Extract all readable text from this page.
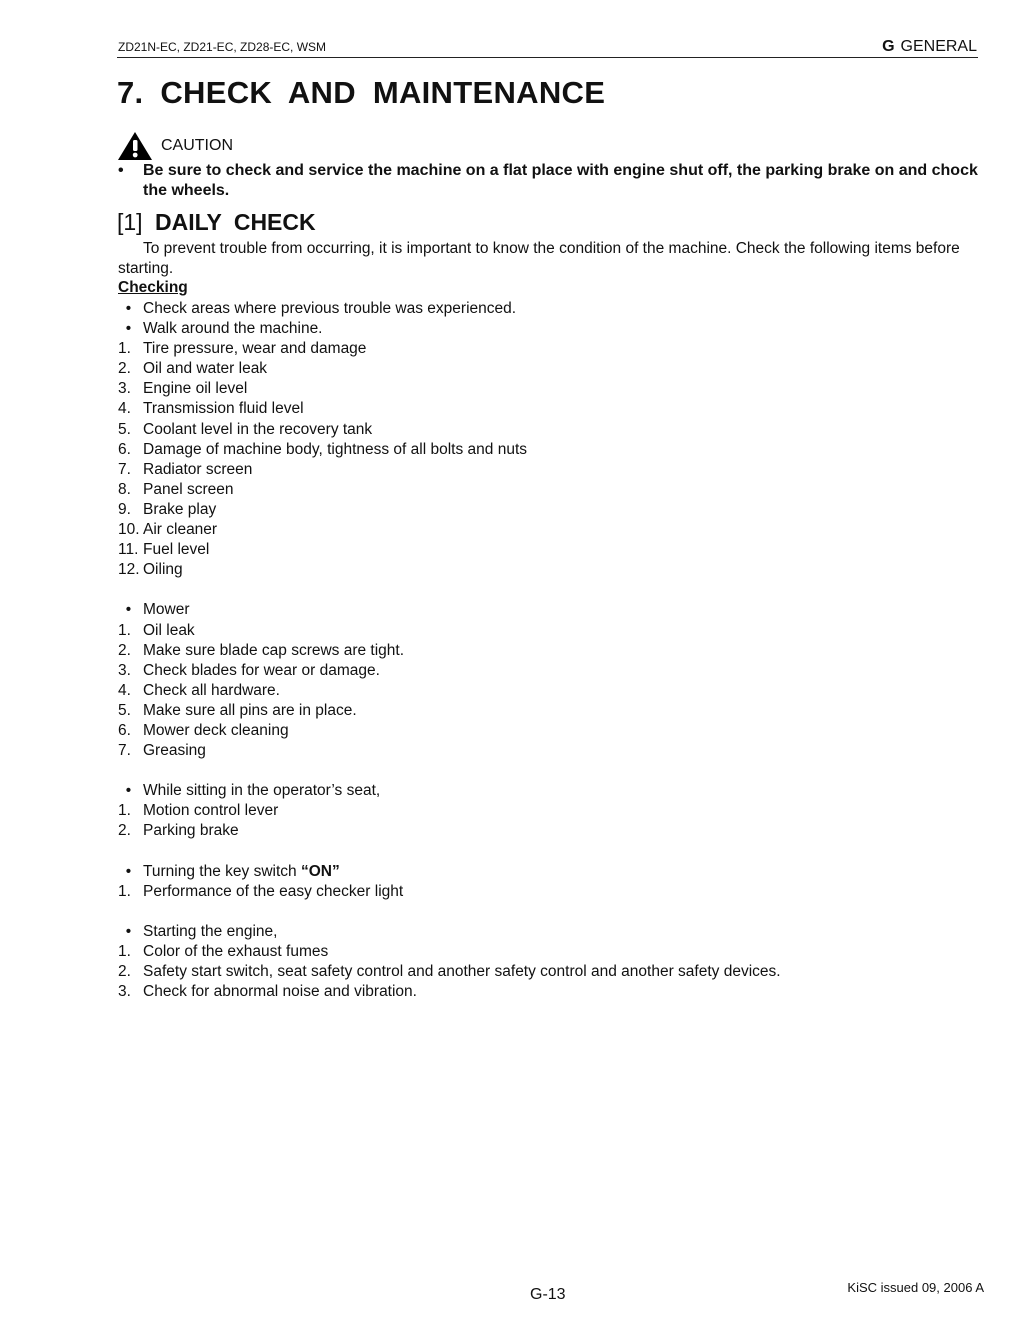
ZD21N-EC, ZD21-EC, ZD28-EC, WSM	G GENERAL
7. CHECK AND MAINTENANCE
CAUTION
•	Be sure to check and service the machine on a flat place with engine shut off, the parking brake on and chock the wheels.
[1] DAILY CHECK
To prevent trouble from occurring, it is important to know the condition of the machine. Check the following items before starting.
Checking
• Check areas where previous trouble was experienced.
• Walk around the machine.
1. Tire pressure, wear and damage
2. Oil and water leak
3. Engine oil level
4. Transmission fluid level
5. Coolant level in the recovery tank
6. Damage of machine body, tightness of all bolts and nuts
7. Radiator screen
8. Panel screen
9. Brake play
10. Air cleaner
11. Fuel level
12. Oiling
• Mower
1. Oil leak
2. Make sure blade cap screws are tight.
3. Check blades for wear or damage.
4. Check all hardware.
5. Make sure all pins are in place.
6. Mower deck cleaning
7. Greasing
• While sitting in the operator’s seat,
1. Motion control lever
2. Parking brake
• Turning the key switch “ON”
1. Performance of the easy checker light
• Starting the engine,
1. Color of the exhaust fumes
2. Safety start switch, seat safety control and another safety control and another safety devices.
3. Check for abnormal noise and vibration.
G-13	KiSC issued 09, 2006 A
